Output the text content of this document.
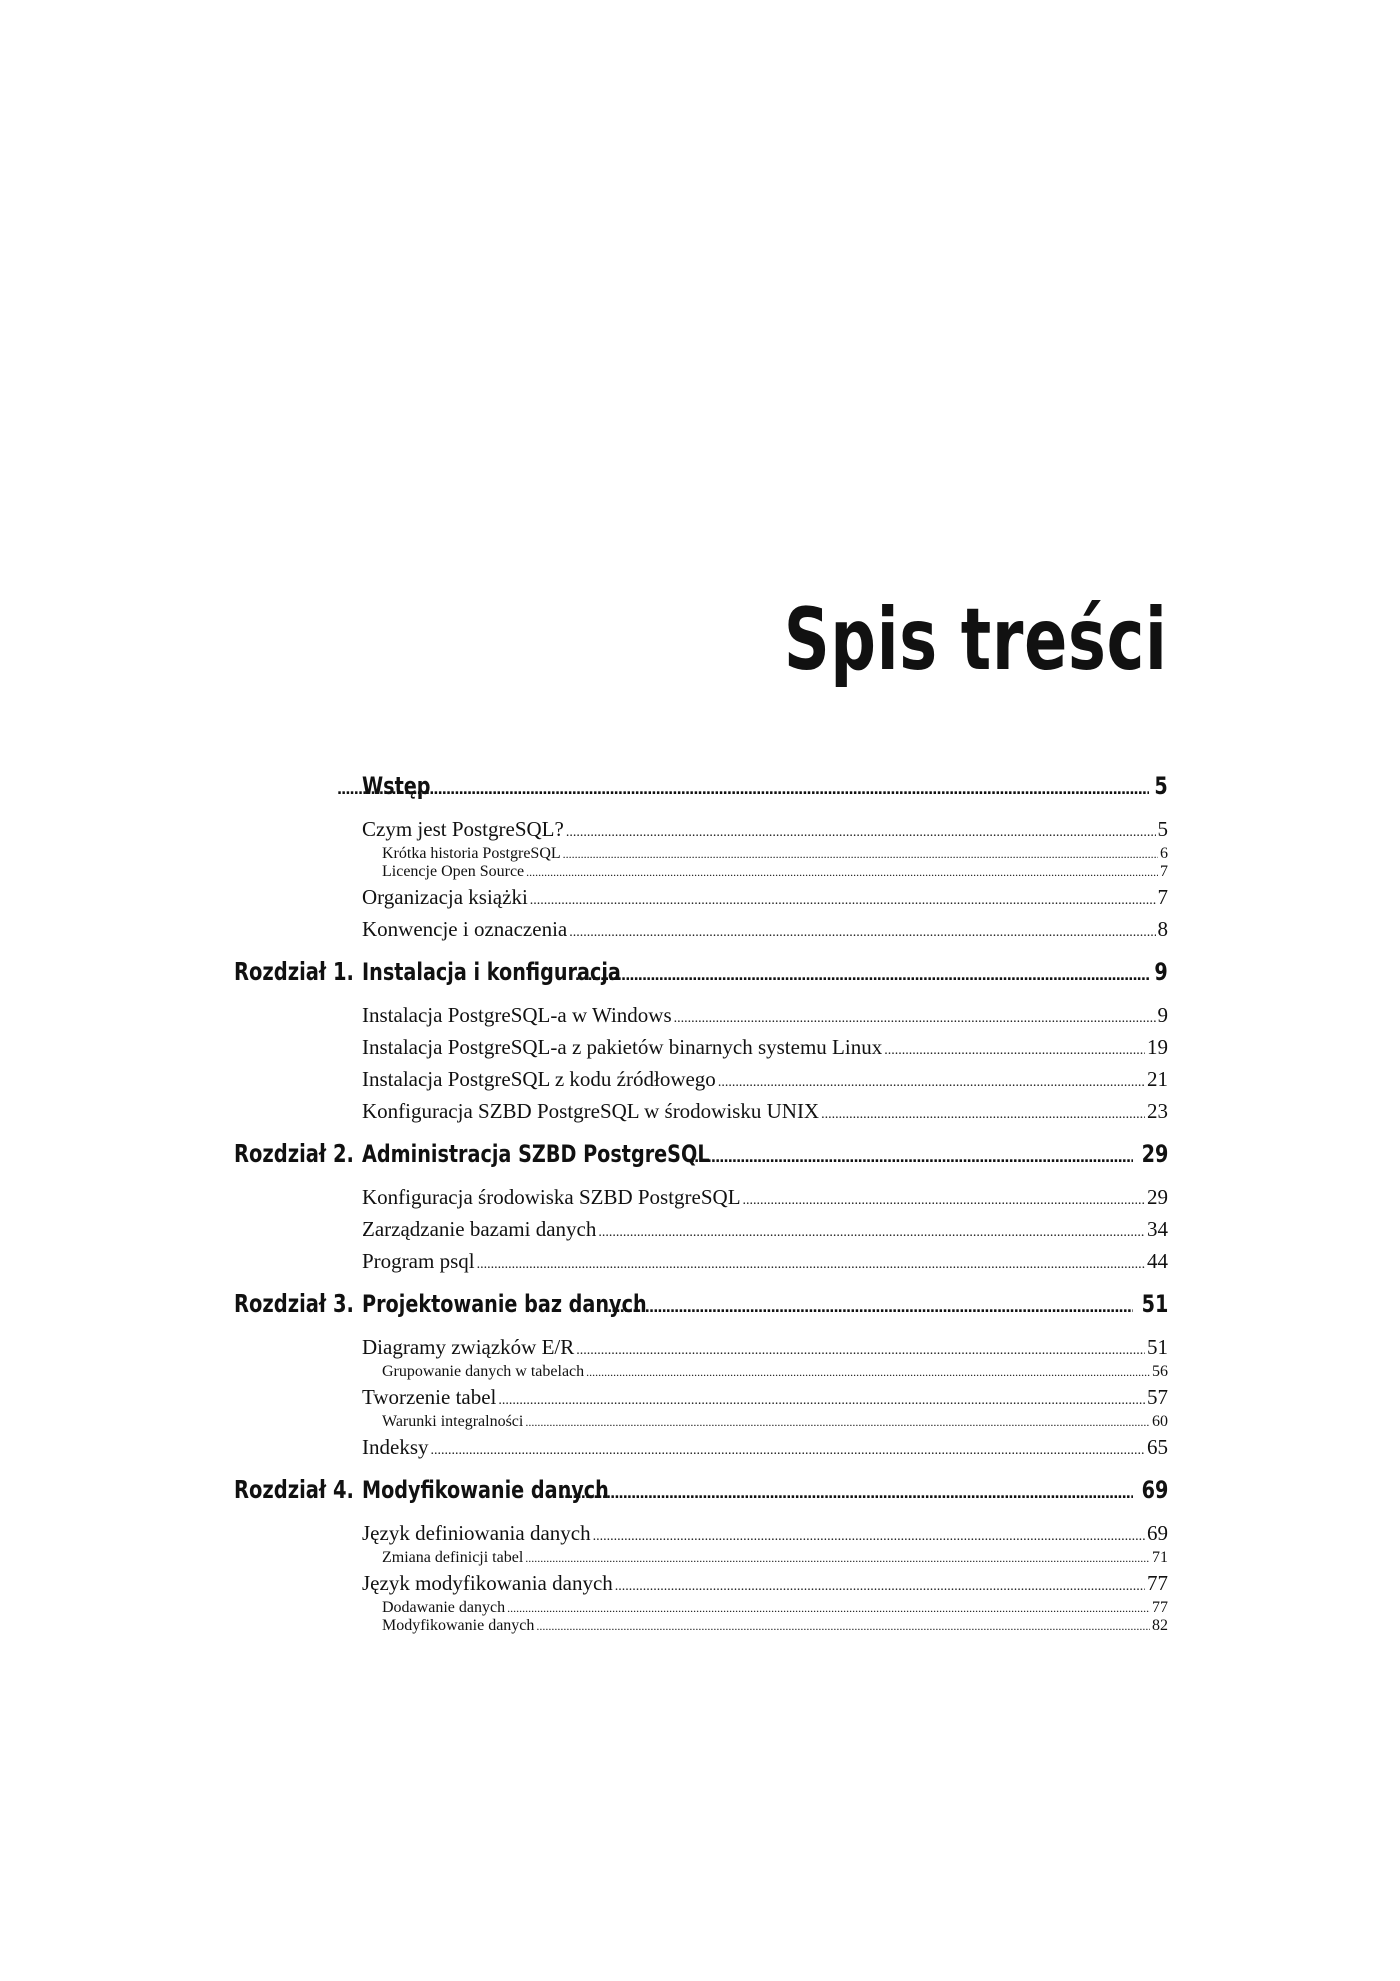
Spis treści
Wstęp . . .	5
Czym jest PostgreSQL? .....	5
Krótka historia PostgreSQL .....	6
Licencje Open Source .....	7
Organizacja książki .....	7
Konwencje i oznaczenia .....	8
Rozdział 1. Instalacja i konfiguracja . . .	9
Instalacja PostgreSQL-a w Windows .....	9
Instalacja PostgreSQL-a z pakietów binarnych systemu Linux .....	19
Instalacja PostgreSQL z kodu źródłowego .....	21
Konfiguracja SZBD PostgreSQL w środowisku UNIX .....	23
Rozdział 2. Administracja SZBD PostgreSQL . . .	29
Konfiguracja środowiska SZBD PostgreSQL .....	29
Zarządzanie bazami danych .....	34
Program psql .....	44
Rozdział 3. Projektowanie baz danych . . .	51
Diagramy związków E/R .....	51
Grupowanie danych w tabelach .....	56
Tworzenie tabel .....	57
Warunki integralności .....	60
Indeksy .....	65
Rozdział 4. Modyfikowanie danych . . .	69
Język definiowania danych .....	69
Zmiana definicji tabel .....	71
Język modyfikowania danych .....	77
Dodawanie danych .....	77
Modyfikowanie danych .....	82
